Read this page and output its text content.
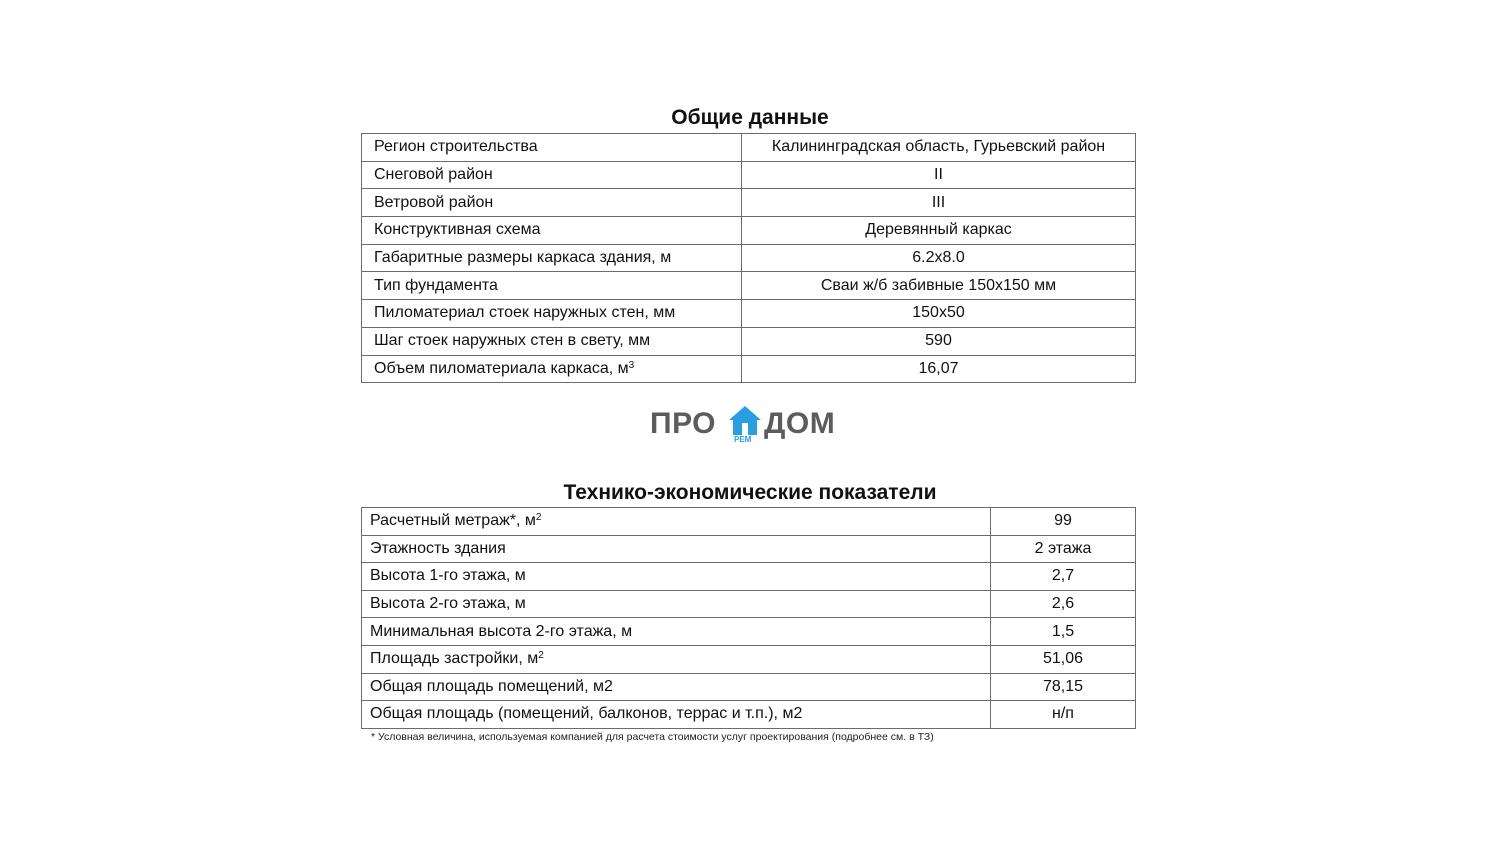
Общие данные
Регион строительства	Калининградская область, Гурьевский район
Снеговой район	II
Ветровой район	III
Конструктивная схема	Деревянный каркас
Габаритные размеры каркаса здания, м	6.2x8.0
Тип фундамента	Сваи ж/б забивные 150х150 мм
Пиломатериал стоек наружных стен, мм	150х50
Шаг стоек наружных стен в свету, мм	590
Объем пиломатериала каркаса, $м^3$	16,07
ПРО РЕМ ДОМ
Технико-экономические показатели
Расчетный метраж*, $м^2$	99
Этажность здания	2 этажа
Высота 1-го этажа, м	2,7
Высота 2-го этажа, м	2,6
Минимальная высота 2-го этажа, м	1,5
Площадь застройки, $м^2$	51,06
Общая площадь помещений, м2	78,15
Общая площадь (помещений, балконов, террас и т.п.), м2	н/п
* Условная величина, используемая компанией для расчета стоимости услуг проектирования (подробнее см. в ТЗ)
